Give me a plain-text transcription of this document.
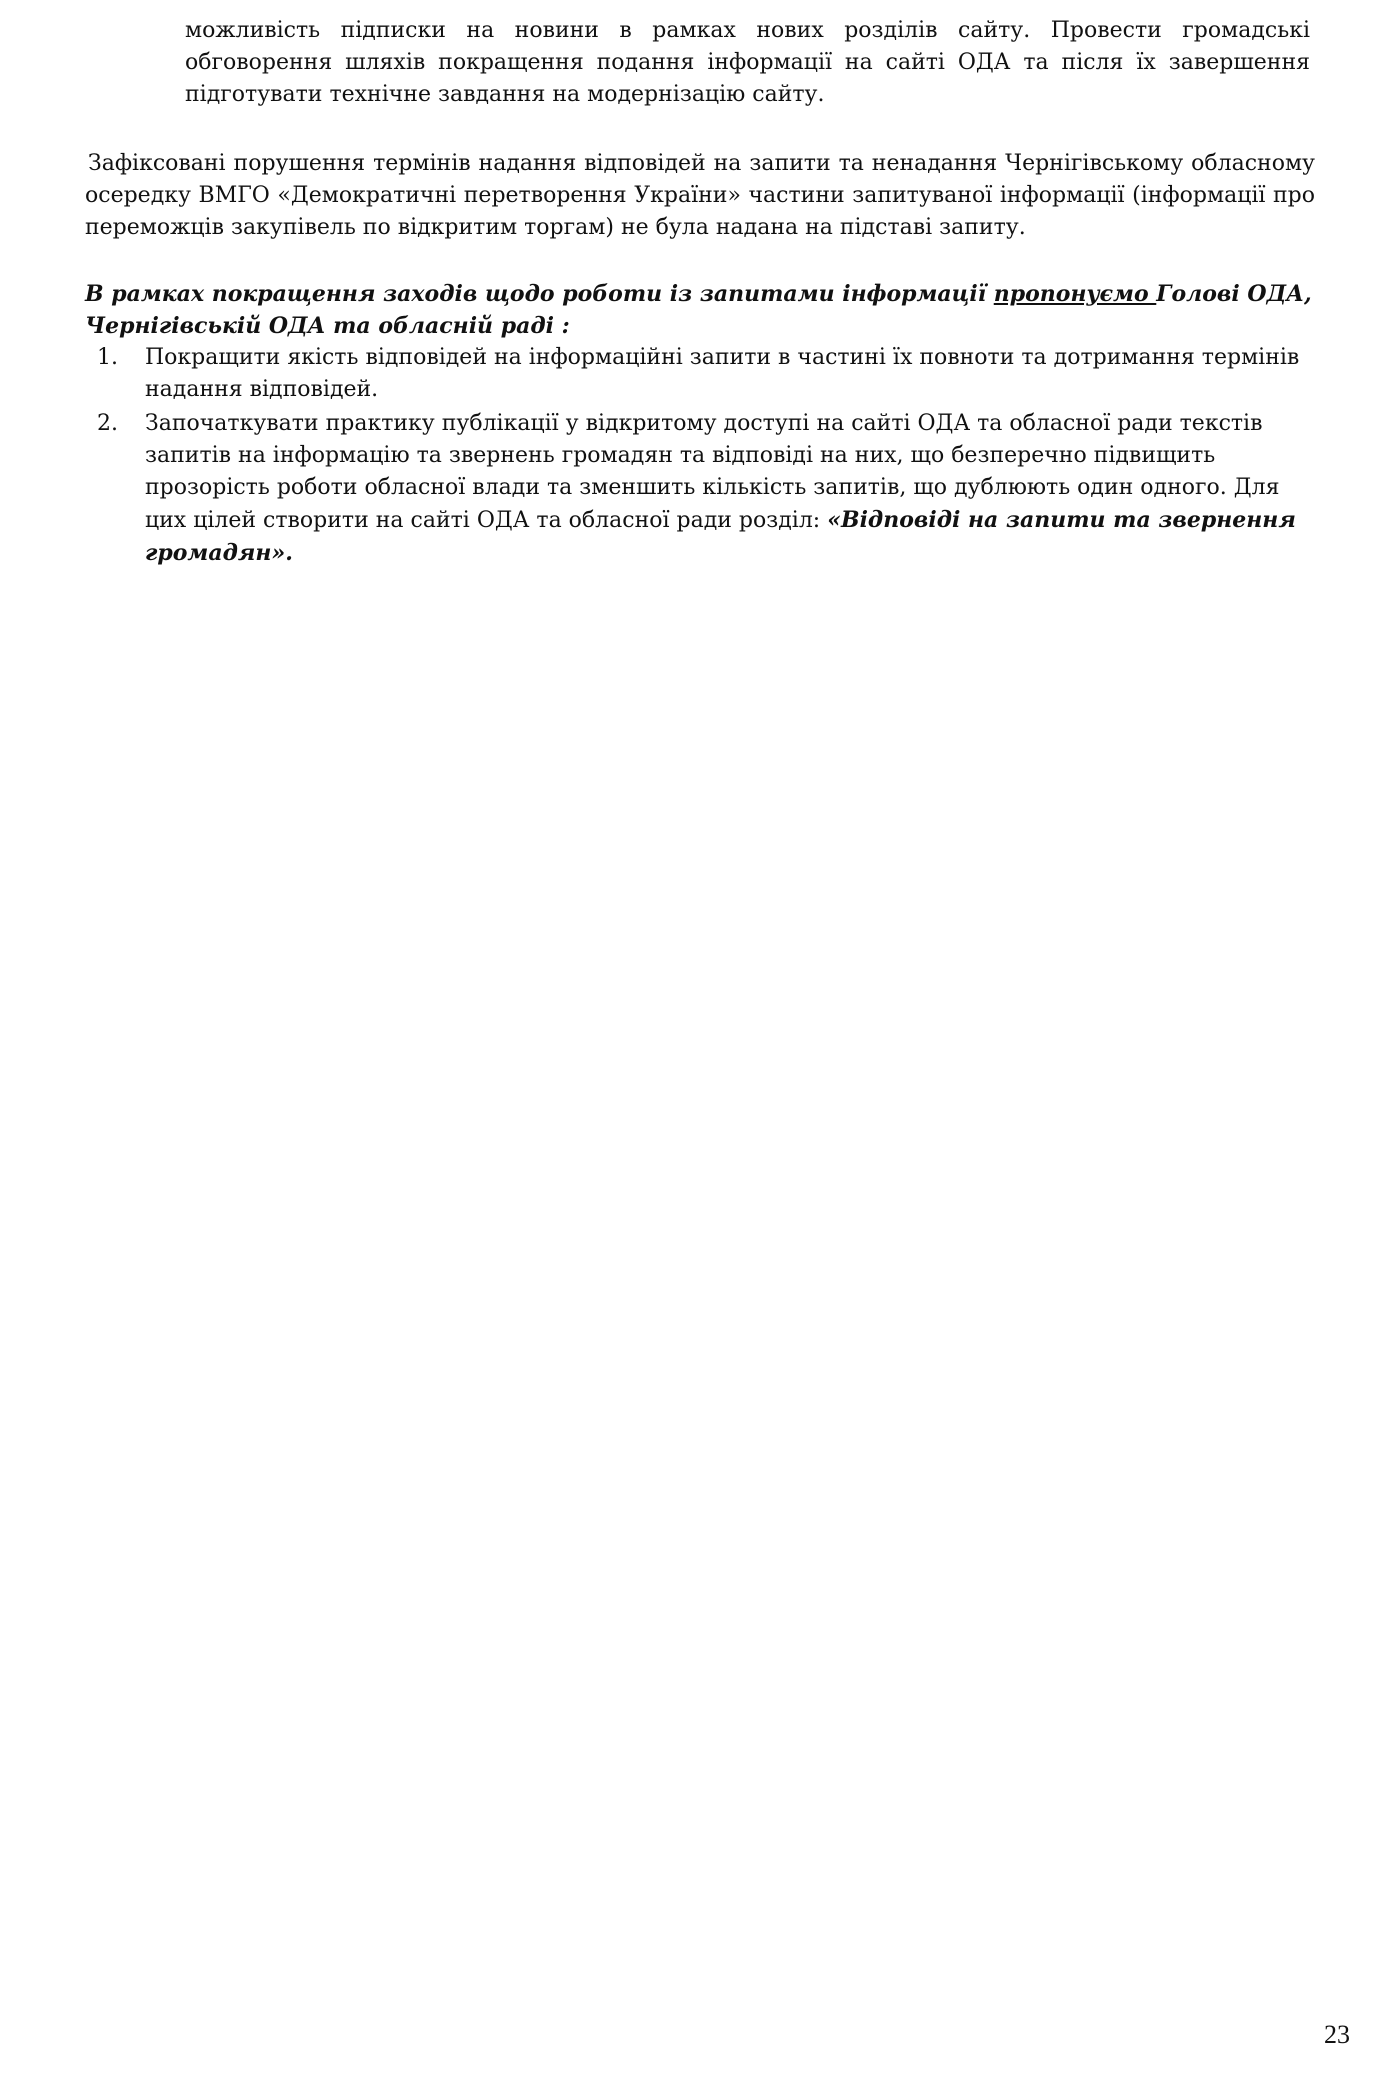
можливість підписки на новини в рамках нових розділів сайту. Провести громадські обговорення шляхів покращення подання інформації на сайті ОДА та після їх завершення підготувати технічне завдання на модернізацію сайту.

Зафіксовані порушення термінів надання відповідей на запити та ненадання Чернігівському обласному осередку ВМГО «Демократичні перетворення України» частини запитуваної інформації (інформації про переможців закупівель по відкритим торгам) не була надана на підставі запиту.

В рамках покращення заходів щодо роботи із запитами інформації пропонуємо Голові ОДА, Чернігівській ОДА та обласній раді :

1. Покращити якість відповідей на інформаційні запити в частині їх повноти та дотримання термінів надання відповідей.
2. Започаткувати практику публікації у відкритому доступі на сайті ОДА та обласної ради текстів запитів на інформацію та звернень громадян та відповіді на них, що безперечно підвищить прозорість роботи обласної влади та зменшить кількість запитів, що дублюють один одного. Для цих цілей створити на сайті ОДА та обласної ради розділ: «Відповіді на запити та звернення громадян».
23
